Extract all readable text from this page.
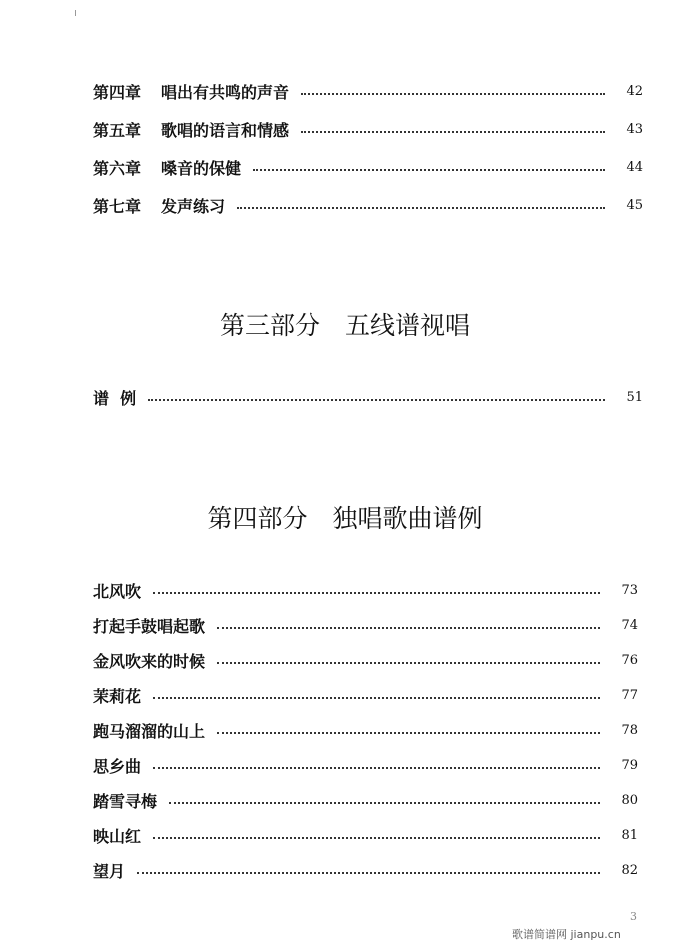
第四章 唱出有共鸣的声音	42
第五章 歌唱的语言和情感	43
第六章 嗓音的保健	44
第七章 发声练习	45
第三部分　五线谱视唱
谱  例	51
第四部分　独唱歌曲谱例
北风吹	73
打起手鼓唱起歌	74
金风吹来的时候	76
茉莉花	77
跑马溜溜的山上	78
思乡曲	79
踏雪寻梅	80
映山红	81
望月	82
3
歌谱简谱网 jianpu.cn
